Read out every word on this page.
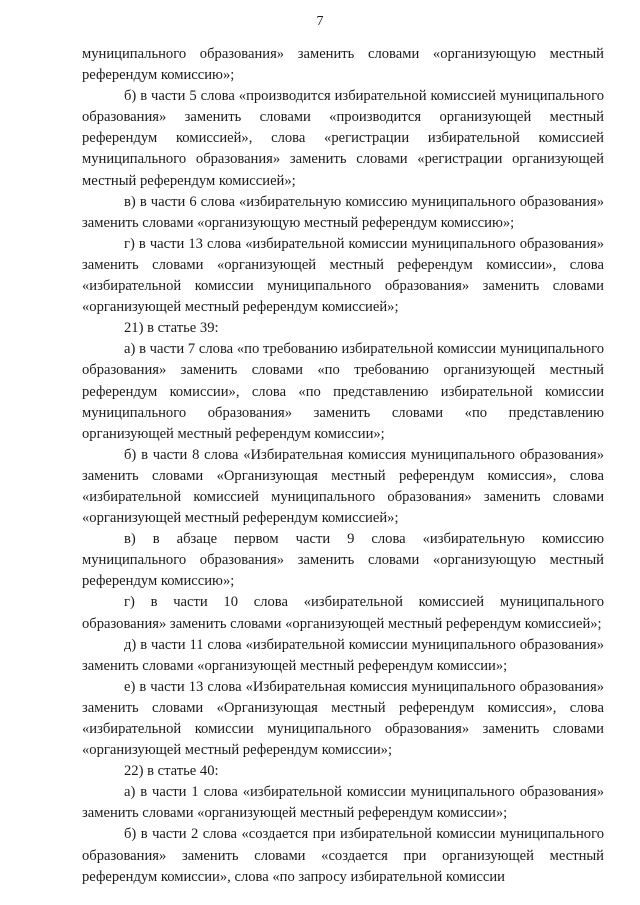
7

муниципального образования» заменить словами «организующую местный референдум комиссию»;

б) в части 5 слова «производится избирательной комиссией муниципального образования» заменить словами «производится организующей местный референдум комиссией», слова «регистрации избирательной комиссией муниципального образования» заменить словами «регистрации организующей местный референдум комиссией»;

в) в части 6 слова «избирательную комиссию муниципального образования» заменить словами «организующую местный референдум комиссию»;

г) в части 13 слова «избирательной комиссии муниципального образования» заменить словами «организующей местный референдум комиссии», слова «избирательной комиссии муниципального образования» заменить словами «организующей местный референдум комиссией»;

21) в статье 39:

а) в части 7 слова «по требованию избирательной комиссии муниципального образования» заменить словами «по требованию организующей местный референдум комиссии», слова «по представлению избирательной комиссии муниципального образования» заменить словами «по представлению организующей местный референдум комиссии»;

б) в части 8 слова «Избирательная комиссия муниципального образования» заменить словами «Организующая местный референдум комиссия», слова «избирательной комиссией муниципального образования» заменить словами «организующей местный референдум комиссией»;

в) в абзаце первом части 9 слова «избирательную комиссию муниципального образования» заменить словами «организующую местный референдум комиссию»;

г) в части 10 слова «избирательной комиссией муниципального образования» заменить словами «организующей местный референдум комиссией»;

д) в части 11 слова «избирательной комиссии муниципального образования» заменить словами «организующей местный референдум комиссии»;

е) в части 13 слова «Избирательная комиссия муниципального образования» заменить словами «Организующая местный референдум комиссия», слова «избирательной комиссии муниципального образования» заменить словами «организующей местный референдум комиссии»;

22) в статье 40:

а) в части 1 слова «избирательной комиссии муниципального образования» заменить словами «организующей местный референдум комиссии»;

б) в части 2 слова «создается при избирательной комиссии муниципального образования» заменить словами «создается при организующей местный референдум комиссии», слова «по запросу избирательной комиссии
